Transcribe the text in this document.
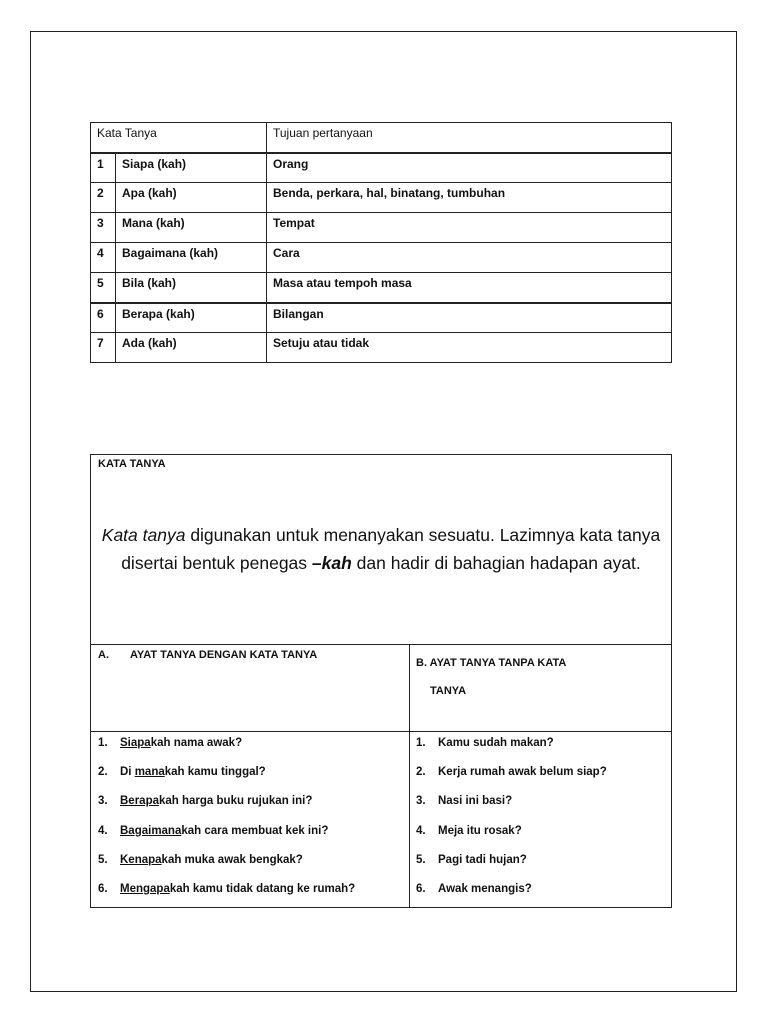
Kata Tanya		Tujuan pertanyaan
1	Siapa (kah)	Orang
2	Apa (kah)	Benda, perkara, hal, binatang, tumbuhan
3	Mana (kah)	Tempat
4	Bagaimana (kah)	Cara
5	Bila (kah)	Masa atau tempoh masa
6	Berapa (kah)	Bilangan
7	Ada (kah)	Setuju atau tidak
KATA TANYA
Kata tanya digunakan untuk menanyakan sesuatu. Lazimnya kata tanya disertai bentuk penegas –kah dan hadir di bahagian hadapan ayat.
A. AYAT TANYA DENGAN KATA TANYA
B. AYAT TANYA TANPA KATA
TANYA
1. Siapakah nama awak?
2. Di manakah kamu tinggal?
3. Berapakah harga buku rujukan ini?
4. Bagaimanakah cara membuat kek ini?
5. Kenapakah muka awak bengkak?
6. Mengapakah kamu tidak datang ke rumah?
1. Kamu sudah makan?
2. Kerja rumah awak belum siap?
3. Nasi ini basi?
4. Meja itu rosak?
5. Pagi tadi hujan?
6. Awak menangis?
